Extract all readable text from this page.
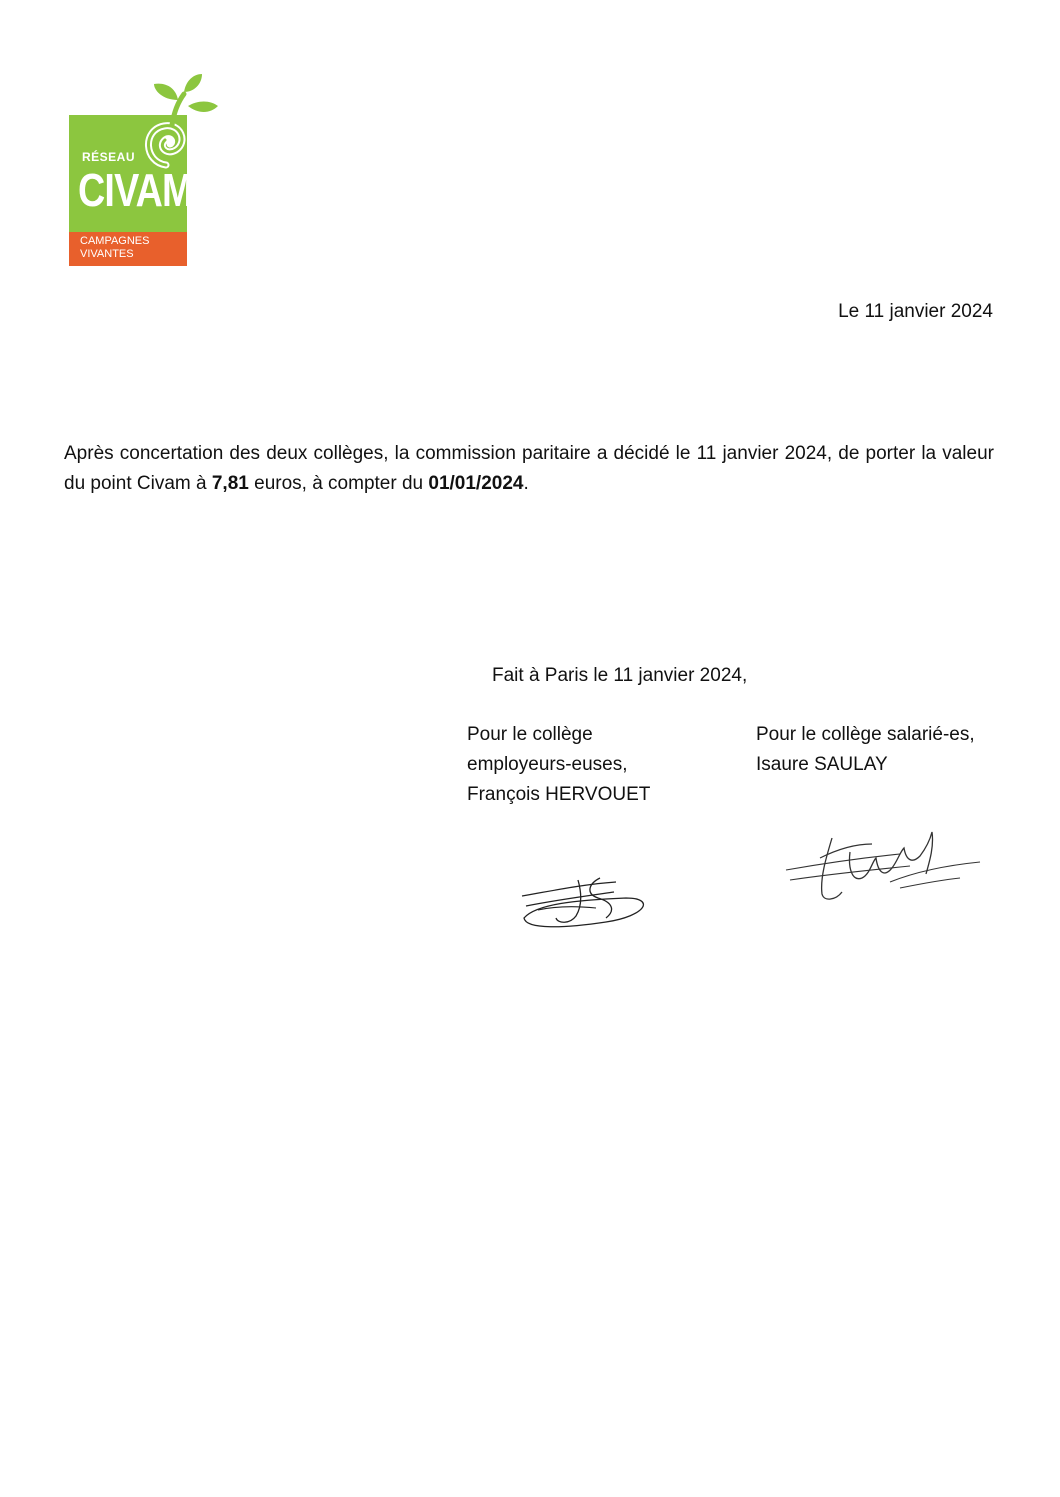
RÉSEAU
CIVAM
CAMPAGNES
VIVANTES
Le 11 janvier 2024
Après concertation des deux collèges, la commission paritaire a décidé le 11 janvier 2024, de porter la valeur du point Civam à 7,81 euros, à compter du 01/01/2024.
Fait à Paris le 11 janvier 2024,
Pour le collège
employeurs-euses,
François HERVOUET
Pour le collège salarié-es,
Isaure SAULAY
